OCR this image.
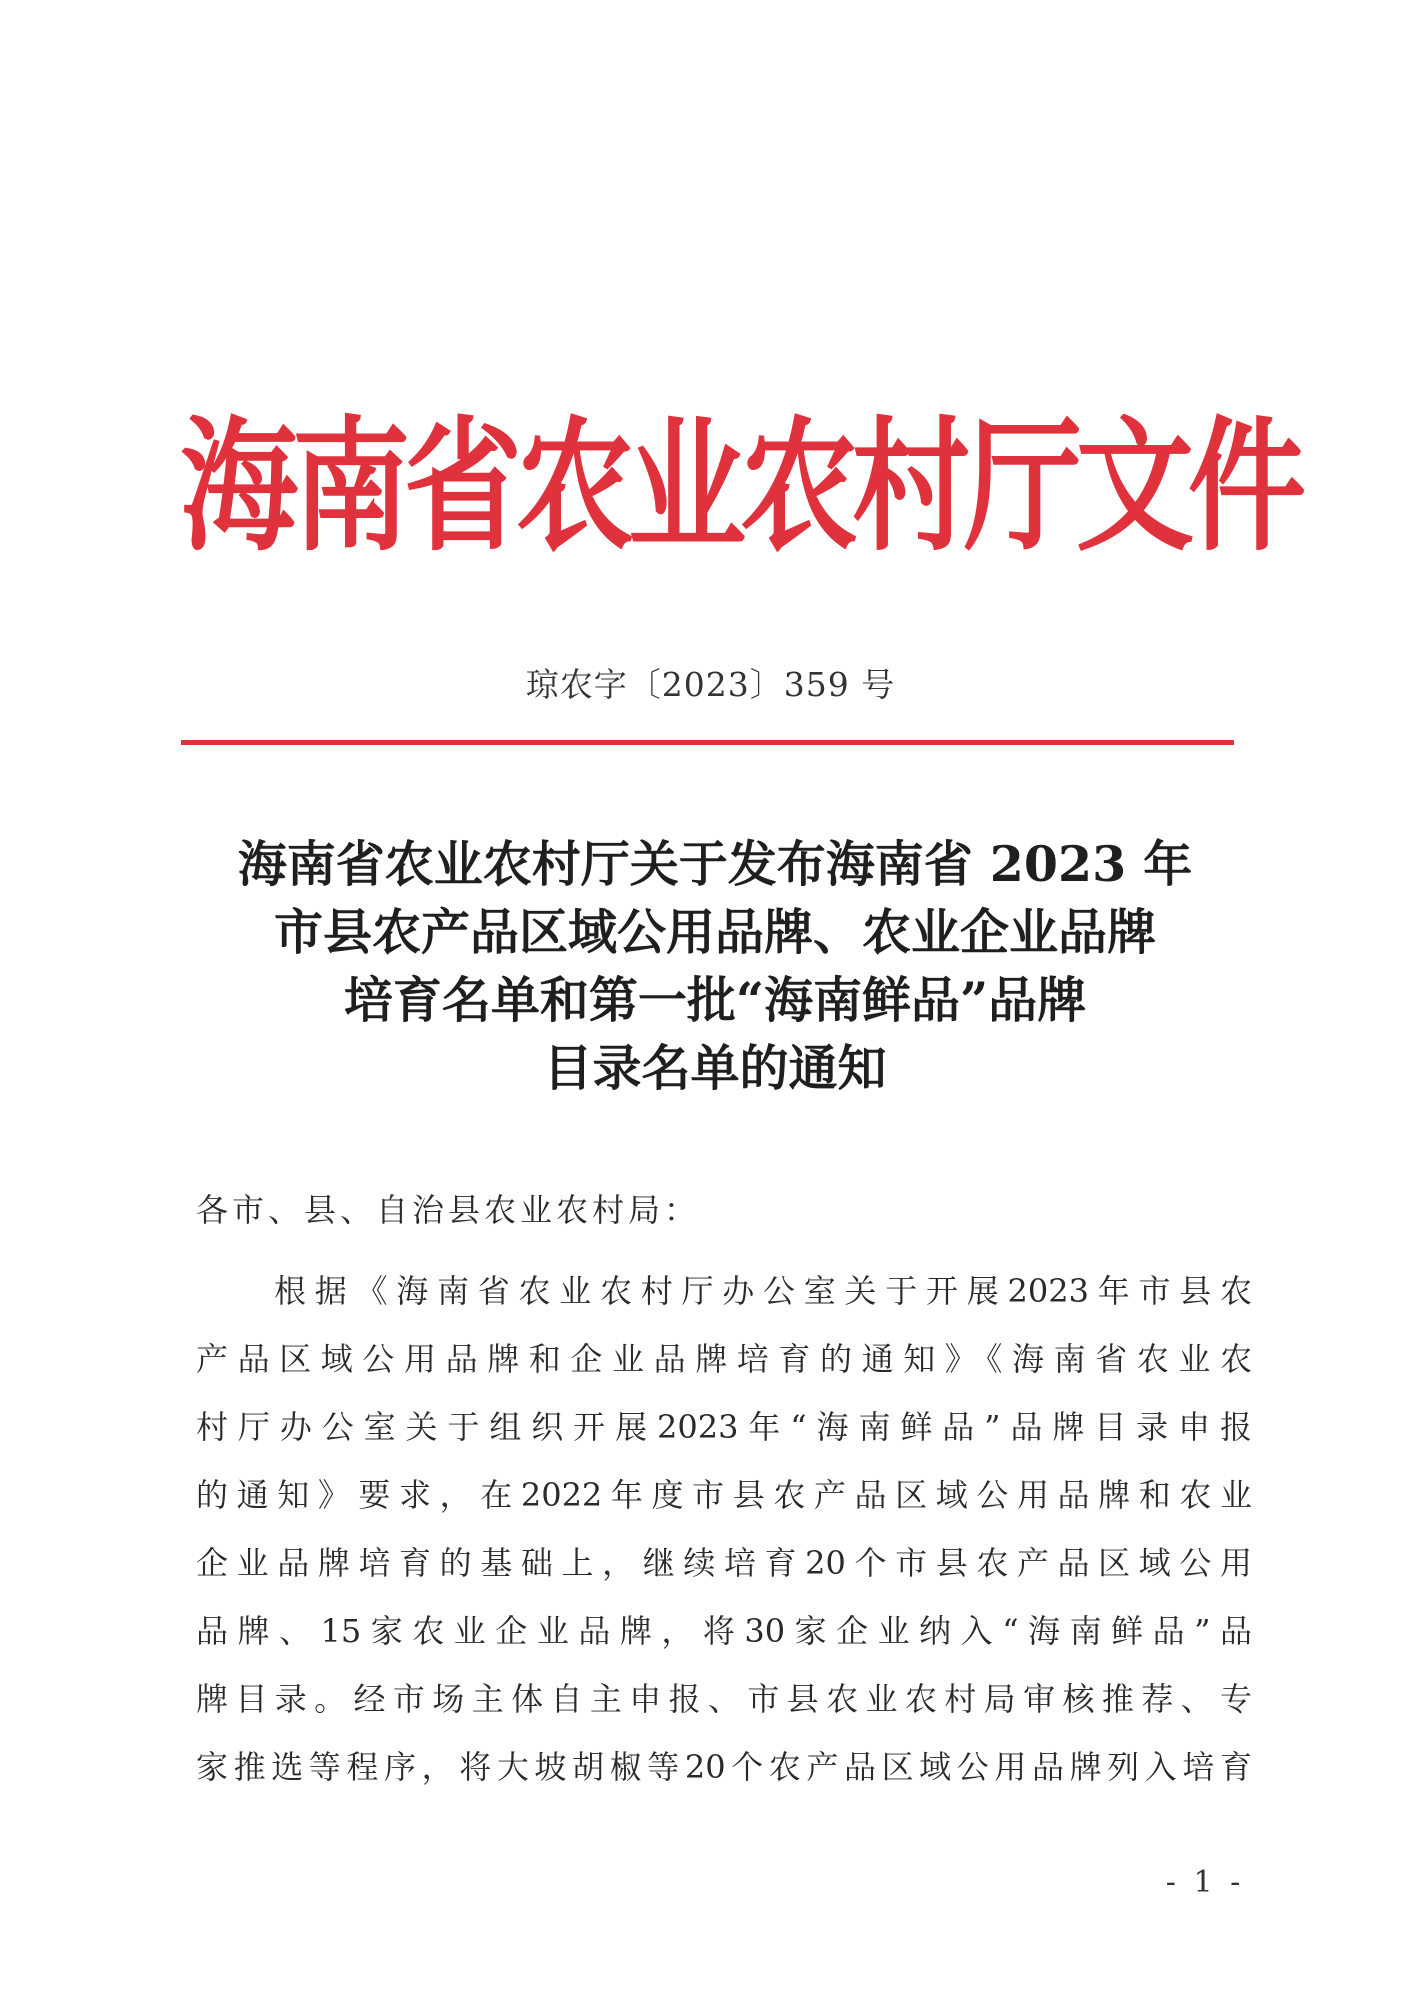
海南省农业农村厅文件
琼农字〔2023〕359 号
海南省农业农村厅关于发布海南省 2023 年
市县农产品区域公用品牌、农业企业品牌
培育名单和第一批“海南鲜品”品牌
目录名单的通知
各市、县、自治县农业农村局：
根据《海南省农业农村厅办公室关于开展2023年市县农
产品区域公用品牌和企业品牌培育的通知》《海南省农业农
村厅办公室关于组织开展2023年“海南鲜品”品牌目录申报
的通知》要求，在2022年度市县农产品区域公用品牌和农业
企业品牌培育的基础上，继续培育20个市县农产品区域公用
品牌、15家农业企业品牌，将30家企业纳入“海南鲜品”品
牌目录。经市场主体自主申报、市县农业农村局审核推荐、专
家推选等程序，将大坡胡椒等20个农产品区域公用品牌列入培育
- 1 -
